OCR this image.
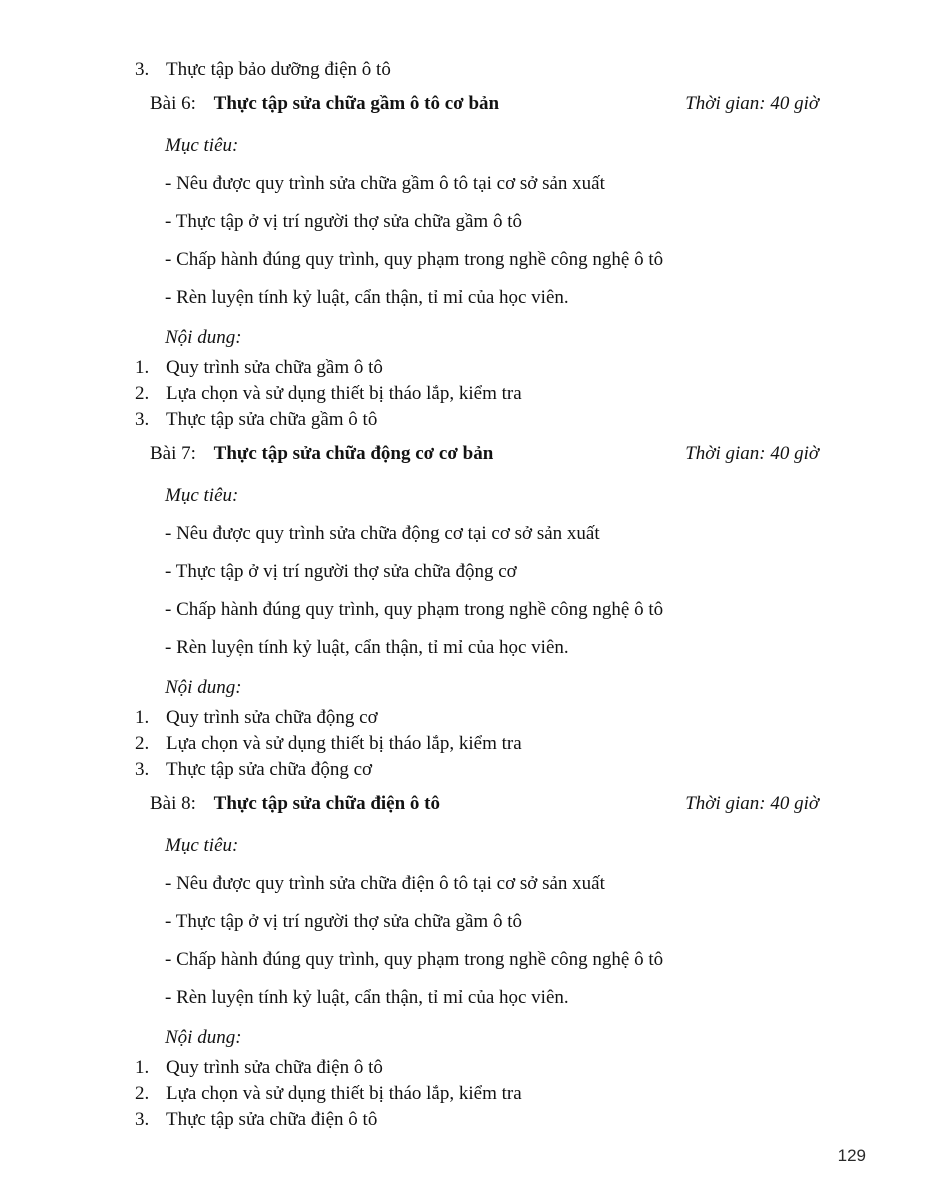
3. Thực tập bảo dưỡng điện ô tô
Bài 6: Thực tập sửa chữa gầm ô tô cơ bản	Thời gian: 40 giờ

Mục tiêu:

- Nêu được quy trình sửa chữa gầm ô tô tại cơ sở sản xuất

- Thực tập ở vị trí người thợ sửa chữa gầm ô tô

- Chấp hành đúng quy trình, quy phạm trong nghề công nghệ ô tô

- Rèn luyện tính kỷ luật, cẩn thận, tỉ mỉ của học viên.

Nội dung:

1. Quy trình sửa chữa gầm ô tô
2. Lựa chọn và sử dụng thiết bị tháo lắp, kiểm tra
3. Thực tập sửa chữa gầm ô tô
Bài 7: Thực tập sửa chữa động cơ cơ bản	Thời gian: 40 giờ

Mục tiêu:

- Nêu được quy trình sửa chữa động cơ tại cơ sở sản xuất

- Thực tập ở vị trí người thợ sửa chữa động cơ

- Chấp hành đúng quy trình, quy phạm trong nghề công nghệ ô tô

- Rèn luyện tính kỷ luật, cẩn thận, tỉ mỉ của học viên.

Nội dung:

1. Quy trình sửa chữa động cơ
2. Lựa chọn và sử dụng thiết bị tháo lắp, kiểm tra
3. Thực tập sửa chữa động cơ
Bài 8: Thực tập sửa chữa điện ô tô	Thời gian: 40 giờ

Mục tiêu:

- Nêu được quy trình sửa chữa điện ô tô tại cơ sở sản xuất

- Thực tập ở vị trí người thợ sửa chữa gầm ô tô

- Chấp hành đúng quy trình, quy phạm trong nghề công nghệ ô tô

- Rèn luyện tính kỷ luật, cẩn thận, tỉ mỉ của học viên.

Nội dung:

1. Quy trình sửa chữa điện ô tô
2. Lựa chọn và sử dụng thiết bị tháo lắp, kiểm tra
3. Thực tập sửa chữa điện ô tô
129
